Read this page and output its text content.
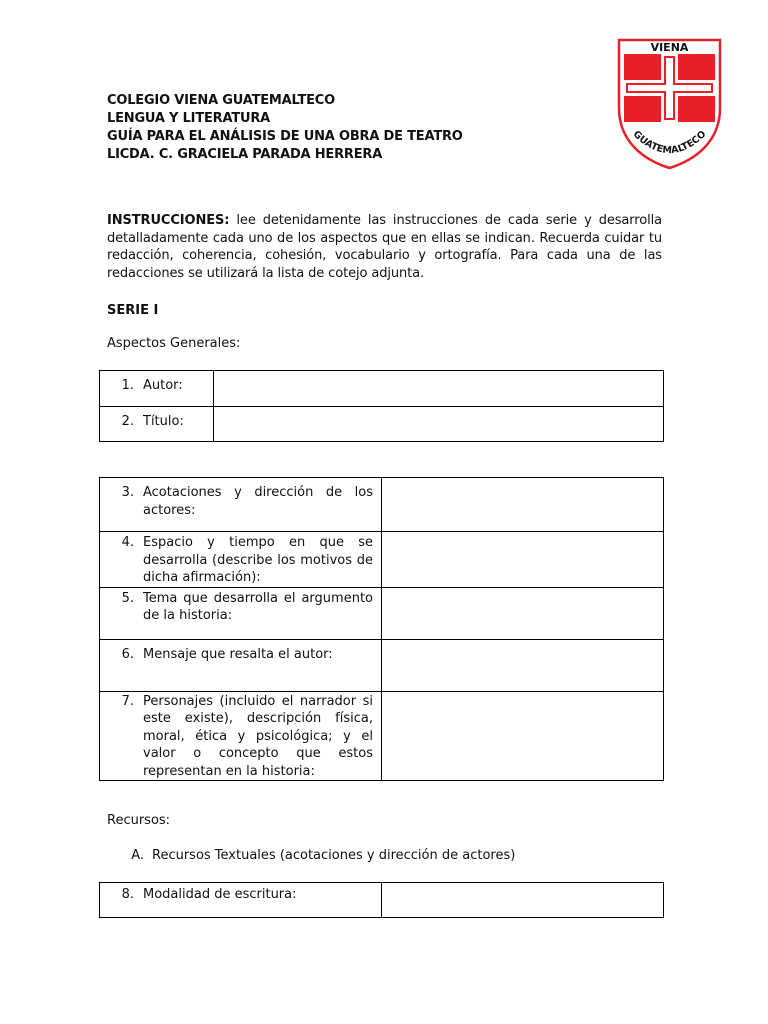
COLEGIO VIENA GUATEMALTECO
LENGUA Y LITERATURA
GUÍA PARA EL ANÁLISIS DE UNA OBRA DE TEATRO
LICDA. C. GRACIELA PARADA HERRERA
VIENA
GUATEMALTECO
INSTRUCCIONES: lee detenidamente las instrucciones de cada serie y desarrolla detalladamente cada uno de los aspectos que en ellas se indican. Recuerda cuidar tu redacción, coherencia, cohesión, vocabulario y ortografía. Para cada una de las redacciones se utilizará la lista de cotejo adjunta.
SERIE I
Aspectos Generales:
1. Autor:	

2. Título:	

3. Acotaciones y dirección de los actores:	

4. Espacio y tiempo en que se desarrolla (describe los motivos de dicha afirmación):	

5. Tema que desarrolla el argumento de la historia:	

6. Mensaje que resalta el autor:	

7. Personajes (incluido el narrador si este existe), descripción física, moral, ética y psicológica; y el valor o concepto que estos representan en la historia:	

Recursos:
A. Recursos Textuales (acotaciones y dirección de actores)
8. Modalidad de escritura:
